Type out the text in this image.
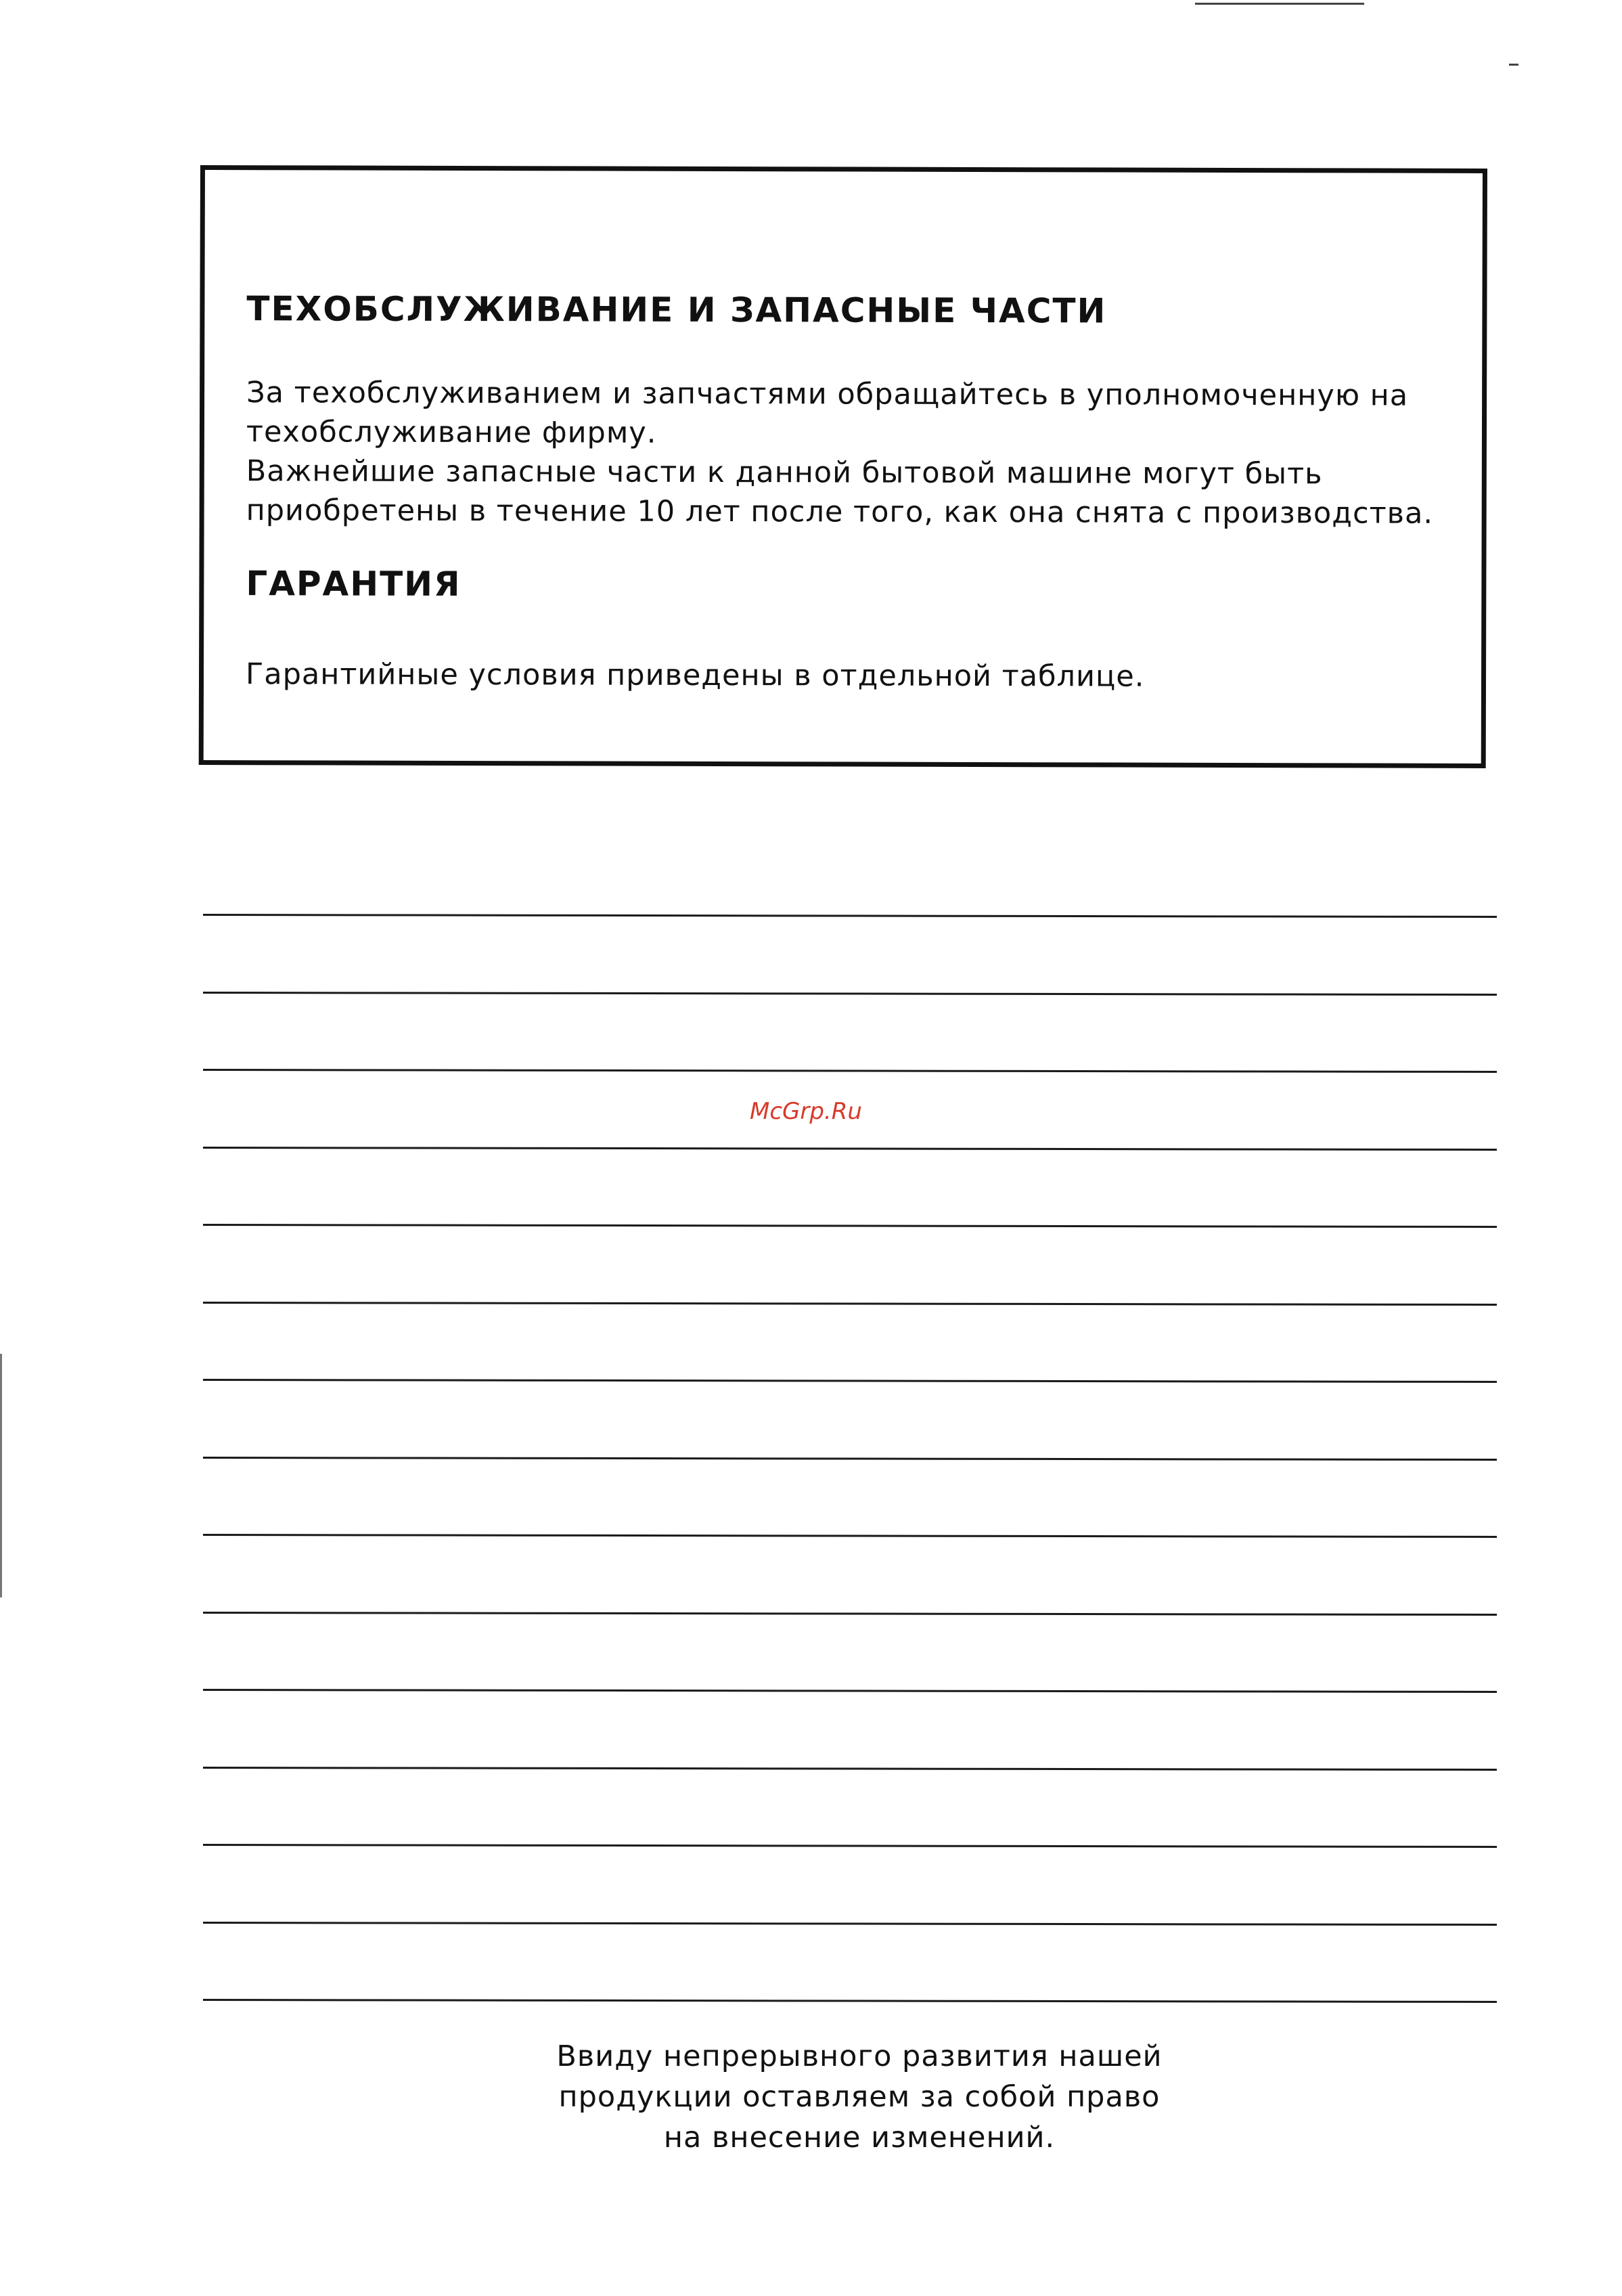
ТЕХОБСЛУЖИВАНИЕ И ЗАПАСНЫЕ ЧАСТИ
За техобслуживанием и запчастями обращайтесь в уполномоченную на
техобслуживание фирму.
Важнейшие запасные части к данной бытовой машине могут быть
приобретены в течение 10 лет после того, как она снята с производства.
ГАРАНТИЯ

Гарантийные условия приведены в отдельной таблице.

McGrp.Ru
Ввиду непрерывного развития нашей
продукции оставляем за собой право
на внесение изменений.
